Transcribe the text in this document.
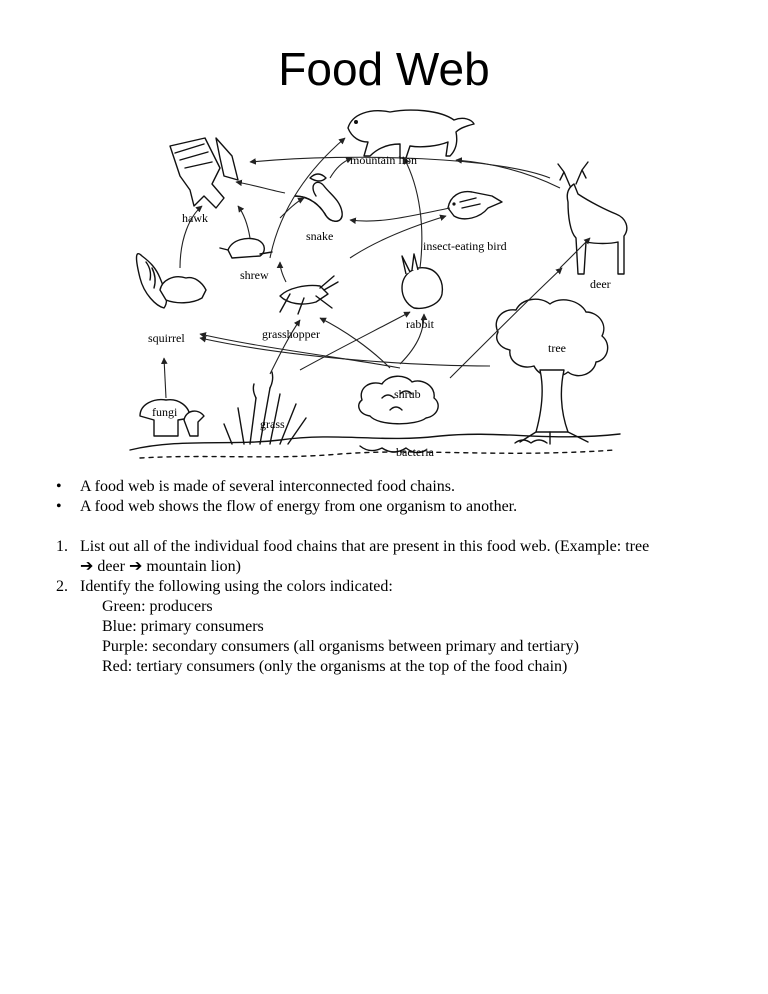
Food Web
mountain lion
hawk
snake
insect-eating bird
deer
shrew
squirrel	grasshopper
rabbit
tree
shrub
fungi
grass
bacteria
• A food web is made of several interconnected food chains.
• A food web shows the flow of energy from one organism to another.
1. List out all of the individual food chains that are present in this food web. (Example: tree
➔ deer ➔ mountain lion)
2. Identify the following using the colors indicated:
Green: producers
Blue: primary consumers
Purple: secondary consumers (all organisms between primary and tertiary)
Red: tertiary consumers (only the organisms at the top of the food chain)
